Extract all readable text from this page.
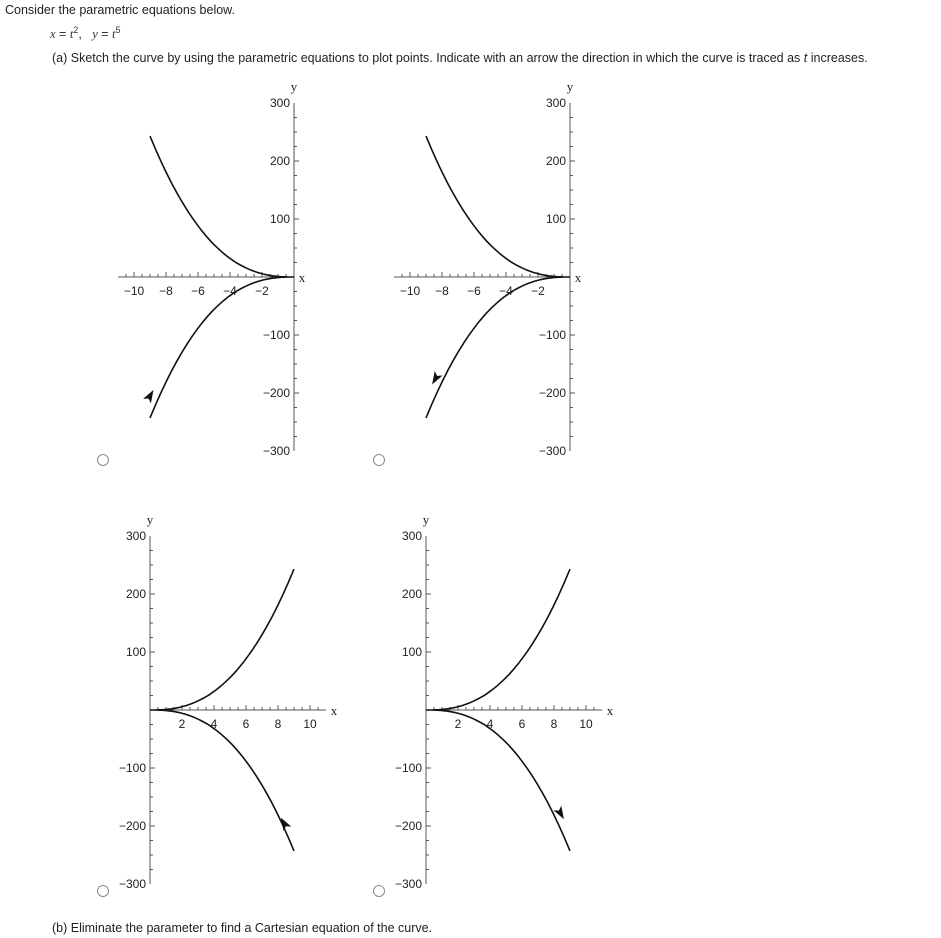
Consider the parametric equations below.
$x = t^2$,   $y = t^5$
(a) Sketch the curve by using the parametric equations to plot points. Indicate with an arrow the direction in which the curve is traced as t increases.
−10 −8 −6 −4 −2
300
200
100
−100
−200
−300
x
y
−10 −8 −6 −4 −2
300
200
100
−100
−200
−300
x
y
2 4 6 8 10
300
200
100
−100
−200
−300
x
y
2 4 6 8 10
300
200
100
−100
−200
−300
x
y
(b) Eliminate the parameter to find a Cartesian equation of the curve.
